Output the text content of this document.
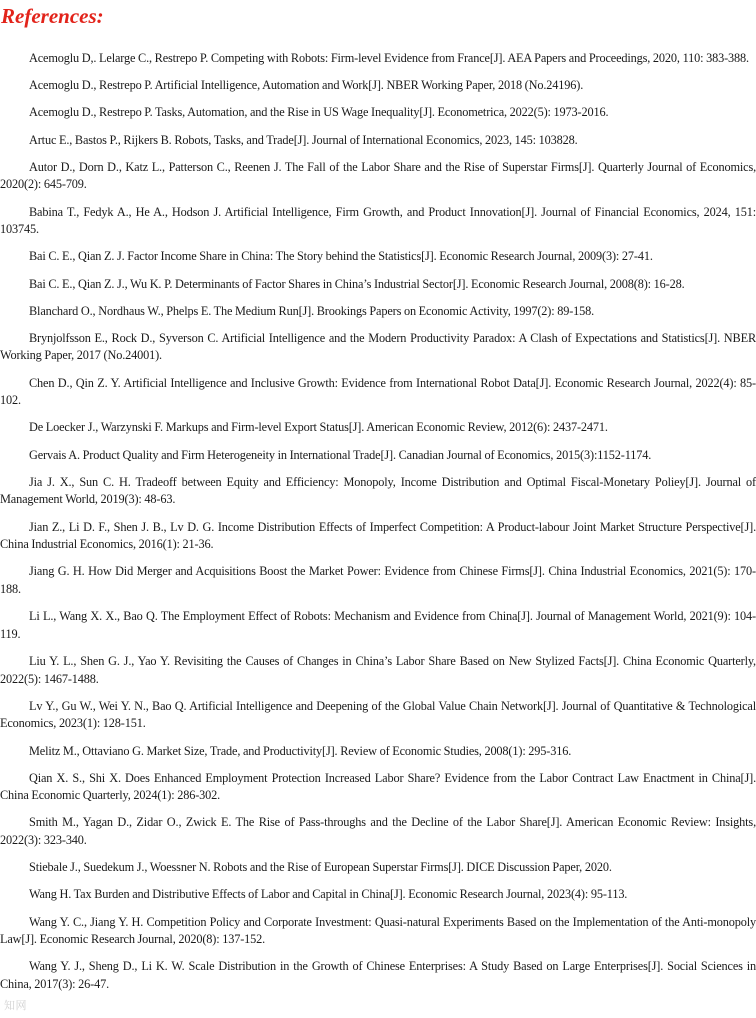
References:
Acemoglu D,. Lelarge C., Restrepo P. Competing with Robots: Firm-level Evidence from France[J]. AEA Papers and Proceedings, 2020, 110: 383-388.
Acemoglu D., Restrepo P. Artificial Intelligence, Automation and Work[J]. NBER Working Paper, 2018 (No.24196).
Acemoglu D., Restrepo P. Tasks, Automation, and the Rise in US Wage Inequality[J]. Econometrica, 2022(5): 1973-2016.
Artuc E., Bastos P., Rijkers B. Robots, Tasks, and Trade[J]. Journal of International Economics, 2023, 145: 103828.
Autor D., Dorn D., Katz L., Patterson C., Reenen J. The Fall of the Labor Share and the Rise of Superstar Firms[J]. Quarterly Journal of Economics, 2020(2): 645-709.
Babina T., Fedyk A., He A., Hodson J. Artificial Intelligence, Firm Growth, and Product Innovation[J]. Journal of Financial Economics, 2024, 151: 103745.
Bai C. E., Qian Z. J. Factor Income Share in China: The Story behind the Statistics[J]. Economic Research Journal, 2009(3): 27-41.
Bai C. E., Qian Z. J., Wu K. P. Determinants of Factor Shares in China’s Industrial Sector[J]. Economic Research Journal, 2008(8): 16-28.
Blanchard O., Nordhaus W., Phelps E. The Medium Run[J]. Brookings Papers on Economic Activity, 1997(2): 89-158.
Brynjolfsson E., Rock D., Syverson C. Artificial Intelligence and the Modern Productivity Paradox: A Clash of Expectations and Statistics[J]. NBER Working Paper, 2017 (No.24001).
Chen D., Qin Z. Y. Artificial Intelligence and Inclusive Growth: Evidence from International Robot Data[J]. Economic Research Journal, 2022(4): 85-102.
De Loecker J., Warzynski F. Markups and Firm-level Export Status[J]. American Economic Review, 2012(6): 2437-2471.
Gervais A. Product Quality and Firm Heterogeneity in International Trade[J]. Canadian Journal of Economics, 2015(3):1152-1174.
Jia J. X., Sun C. H. Tradeoff between Equity and Efficiency: Monopoly, Income Distribution and Optimal Fiscal-Monetary Poliey[J]. Journal of Management World, 2019(3): 48-63.
Jian Z., Li D. F., Shen J. B., Lv D. G. Income Distribution Effects of Imperfect Competition: A Product-labour Joint Market Structure Perspective[J]. China Industrial Economics, 2016(1): 21-36.
Jiang G. H. How Did Merger and Acquisitions Boost the Market Power: Evidence from Chinese Firms[J]. China Industrial Economics, 2021(5): 170-188.
Li L., Wang X. X., Bao Q. The Employment Effect of Robots: Mechanism and Evidence from China[J]. Journal of Management World, 2021(9): 104-119.
Liu Y. L., Shen G. J., Yao Y. Revisiting the Causes of Changes in China’s Labor Share Based on New Stylized Facts[J]. China Economic Quarterly, 2022(5): 1467-1488.
Lv Y., Gu W., Wei Y. N., Bao Q. Artificial Intelligence and Deepening of the Global Value Chain Network[J]. Journal of Quantitative & Technological Economics, 2023(1): 128-151.
Melitz M., Ottaviano G. Market Size, Trade, and Productivity[J]. Review of Economic Studies, 2008(1): 295-316.
Qian X. S., Shi X. Does Enhanced Employment Protection Increased Labor Share? Evidence from the Labor Contract Law Enactment in China[J]. China Economic Quarterly, 2024(1): 286-302.
Smith M., Yagan D., Zidar O., Zwick E. The Rise of Pass-throughs and the Decline of the Labor Share[J]. American Economic Review: Insights, 2022(3): 323-340.
Stiebale J., Suedekum J., Woessner N. Robots and the Rise of European Superstar Firms[J]. DICE Discussion Paper, 2020.
Wang H. Tax Burden and Distributive Effects of Labor and Capital in China[J]. Economic Research Journal, 2023(4): 95-113.
Wang Y. C., Jiang Y. H. Competition Policy and Corporate Investment: Quasi-natural Experiments Based on the Implementation of the Anti-monopoly Law[J]. Economic Research Journal, 2020(8): 137-152.
Wang Y. J., Sheng D., Li K. W. Scale Distribution in the Growth of Chinese Enterprises: A Study Based on Large Enterprises[J]. Social Sciences in China, 2017(3): 26-47.
知网
